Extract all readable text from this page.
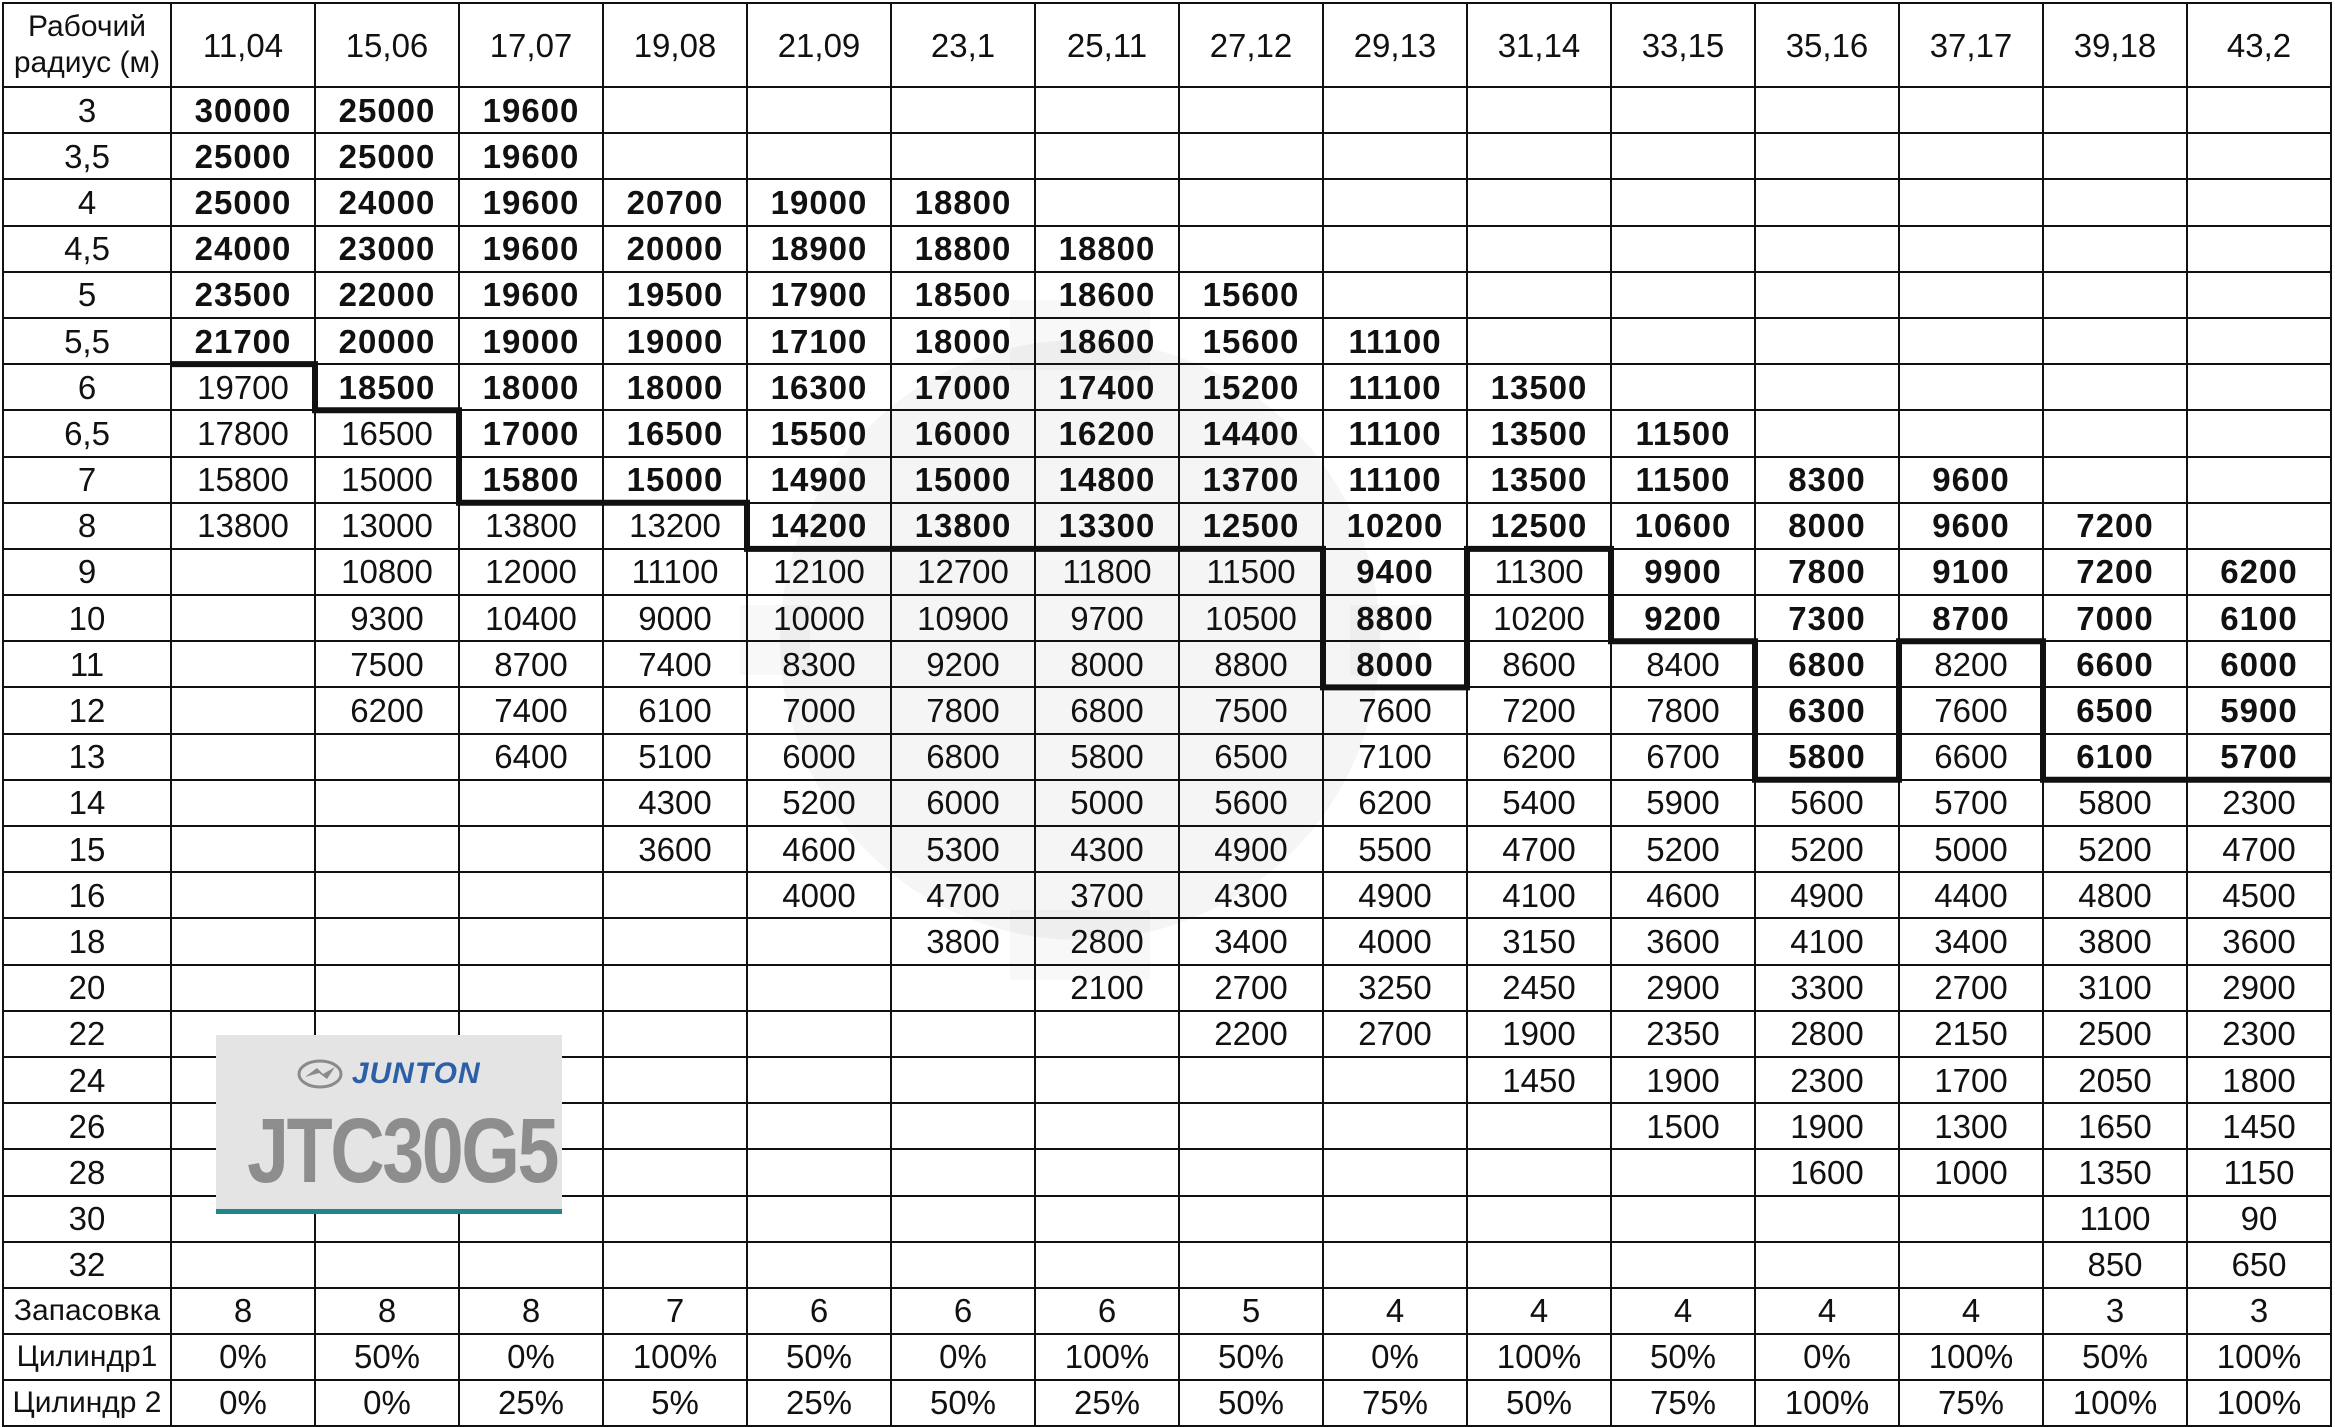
Рабочий радиус (м)	11,04	15,06	17,07	19,08	21,09	23,1	25,11	27,12	29,13	31,14	33,15	35,16	37,17	39,18	43,2
3	30000	25000	19600												
3,5	25000	25000	19600												
4	25000	24000	19600	20700	19000	18800									
4,5	24000	23000	19600	20000	18900	18800	18800								
5	23500	22000	19600	19500	17900	18500	18600	15600							
5,5	21700	20000	19000	19000	17100	18000	18600	15600	11100						
6	19700	18500	18000	18000	16300	17000	17400	15200	11100	13500					
6,5	17800	16500	17000	16500	15500	16000	16200	14400	11100	13500	11500				
7	15800	15000	15800	15000	14900	15000	14800	13700	11100	13500	11500	8300	9600		
8	13800	13000	13800	13200	14200	13800	13300	12500	10200	12500	10600	8000	9600	7200	
9		10800	12000	11100	12100	12700	11800	11500	9400	11300	9900	7800	9100	7200	6200
10		9300	10400	9000	10000	10900	9700	10500	8800	10200	9200	7300	8700	7000	6100
11		7500	8700	7400	8300	9200	8000	8800	8000	8600	8400	6800	8200	6600	6000
12		6200	7400	6100	7000	7800	6800	7500	7600	7200	7800	6300	7600	6500	5900
13			6400	5100	6000	6800	5800	6500	7100	6200	6700	5800	6600	6100	5700
14				4300	5200	6000	5000	5600	6200	5400	5900	5600	5700	5800	2300
15				3600	4600	5300	4300	4900	5500	4700	5200	5200	5000	5200	4700
16					4000	4700	3700	4300	4900	4100	4600	4900	4400	4800	4500
18						3800	2800	3400	4000	3150	3600	4100	3400	3800	3600
20							2100	2700	3250	2450	2900	3300	2700	3100	2900
22								2200	2700	1900	2350	2800	2150	2500	2300
24										1450	1900	2300	1700	2050	1800
26											1500	1900	1300	1650	1450
28												1600	1000	1350	1150
30														1100	90
32														850	650
Запасовка	8	8	8	7	6	6	6	5	4	4	4	4	4	3	3
Цилиндр1	0%	50%	0%	100%	50%	0%	100%	50%	0%	100%	50%	0%	100%	50%	100%
Цилиндр 2	0%	0%	25%	5%	25%	50%	25%	50%	75%	50%	75%	100%	75%	100%	100%
JUNTON
JTC30G5
